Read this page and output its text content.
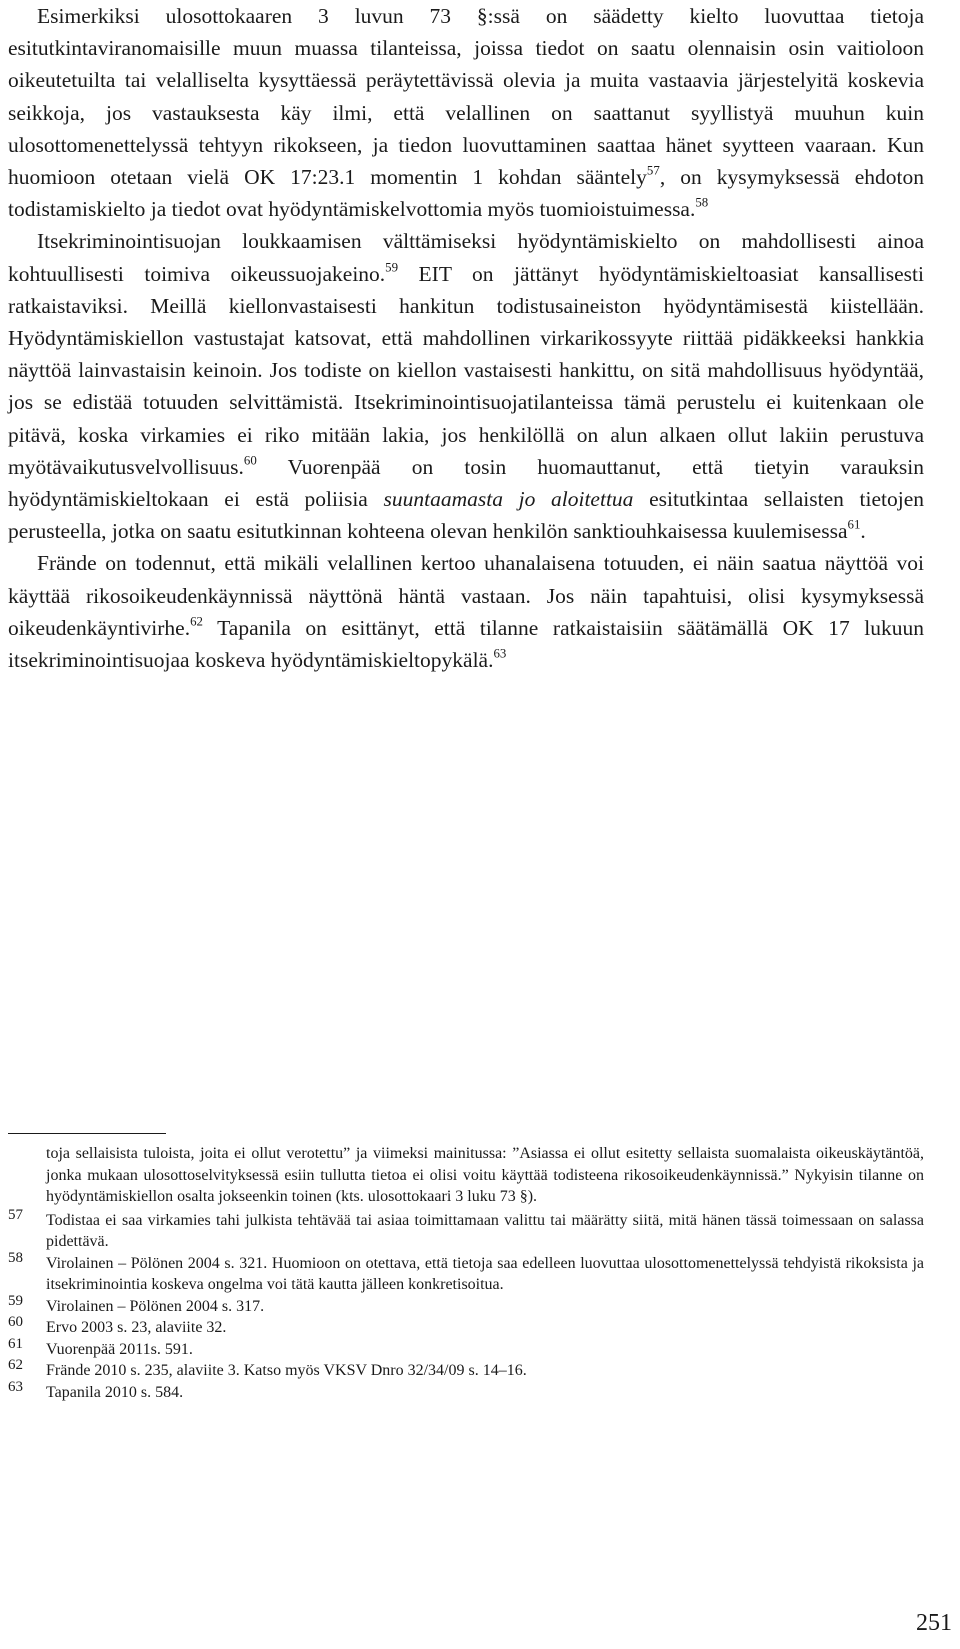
Esimerkiksi ulosottokaaren 3 luvun 73 §:ssä on säädetty kielto luovuttaa tietoja esitutkintaviranomaisille muun muassa tilanteissa, joissa tiedot on saatu olennaisin osin vaitioloon oikeutetuilta tai velalliselta kysyttäessä peräytettävissä olevia ja muita vastaavia järjestelyitä koskevia seikkoja, jos vastauksesta käy ilmi, että velallinen on saattanut syyllistyä muuhun kuin ulosottomenettelyssä tehtyyn rikokseen, ja tiedon luovuttaminen saattaa hänet syytteen vaaraan. Kun huomioon otetaan vielä OK 17:23.1 momentin 1 kohdan sääntely$^{57}$, on kysymyksessä ehdoton todistamiskielto ja tiedot ovat hyödyntämiskelvottomia myös tuomioistuimessa.$^{58}$

Itsekriminointisuojan loukkaamisen välttämiseksi hyödyntämiskielto on mahdollisesti ainoa kohtuullisesti toimiva oikeussuojakeino.$^{59}$ EIT on jättänyt hyödyntämiskieltoasiat kansallisesti ratkaistaviksi. Meillä kiellonvastaisesti hankitun todistusaineiston hyödyntämisestä kiistellään. Hyödyntämiskiellon vastustajat katsovat, että mahdollinen virkarikossyyte riittää pidäkkeeksi hankkia näyttöä lainvastaisin keinoin. Jos todiste on kiellon vastaisesti hankittu, on sitä mahdollisuus hyödyntää, jos se edistää totuuden selvittämistä. Itsekriminointisuojatilanteissa tämä perustelu ei kuitenkaan ole pitävä, koska virkamies ei riko mitään lakia, jos henkilöllä on alun alkaen ollut lakiin perustuva myötävaikutusvelvollisuus.$^{60}$ Vuorenpää on tosin huomauttanut, että tietyin varauksin hyödyntämiskieltokaan ei estä poliisia suuntaamasta jo aloitettua esitutkintaa sellaisten tietojen perusteella, jotka on saatu esitutkinnan kohteena olevan henkilön sanktiouhkaisessa kuulemisessa$^{61}$.

Frände on todennut, että mikäli velallinen kertoo uhanalaisena totuuden, ei näin saatua näyttöä voi käyttää rikosoikeudenkäynnissä näyttönä häntä vastaan. Jos näin tapahtuisi, olisi kysymyksessä oikeudenkäyntivirhe.$^{62}$ Tapanila on esittänyt, että tilanne ratkaistaisiin säätämällä OK 17 lukuun itsekriminointisuojaa koskeva hyödyntämiskieltopykälä.$^{63}$

toja sellaisista tuloista, joita ei ollut verotettu” ja viimeksi mainitussa: ”Asiassa ei ollut esitetty sellaista suomalaista oikeuskäytäntöä, jonka mukaan ulosottoselvityksessä esiin tullutta tietoa ei olisi voitu käyttää todisteena rikosoikeudenkäynnissä.” Nykyisin tilanne on hyödyntämiskiellon osalta jokseenkin toinen (kts. ulosottokaari 3 luku 73 §).

57 Todistaa ei saa virkamies tahi julkista tehtävää tai asiaa toimittamaan valittu tai määrätty siitä, mitä hänen tässä toimessaan on salassa pidettävä.

58 Virolainen – Pölönen 2004 s. 321. Huomioon on otettava, että tietoja saa edelleen luovuttaa ulosottomenettelyssä tehdyistä rikoksista ja itsekriminointia koskeva ongelma voi tätä kautta jälleen konkretisoitua.

59 Virolainen – Pölönen 2004 s. 317.

60 Ervo 2003 s. 23, alaviite 32.

61 Vuorenpää 2011s. 591.

62 Frände 2010 s. 235, alaviite 3. Katso myös VKSV Dnro 32/34/09 s. 14–16.

63 Tapanila 2010 s. 584.

251
